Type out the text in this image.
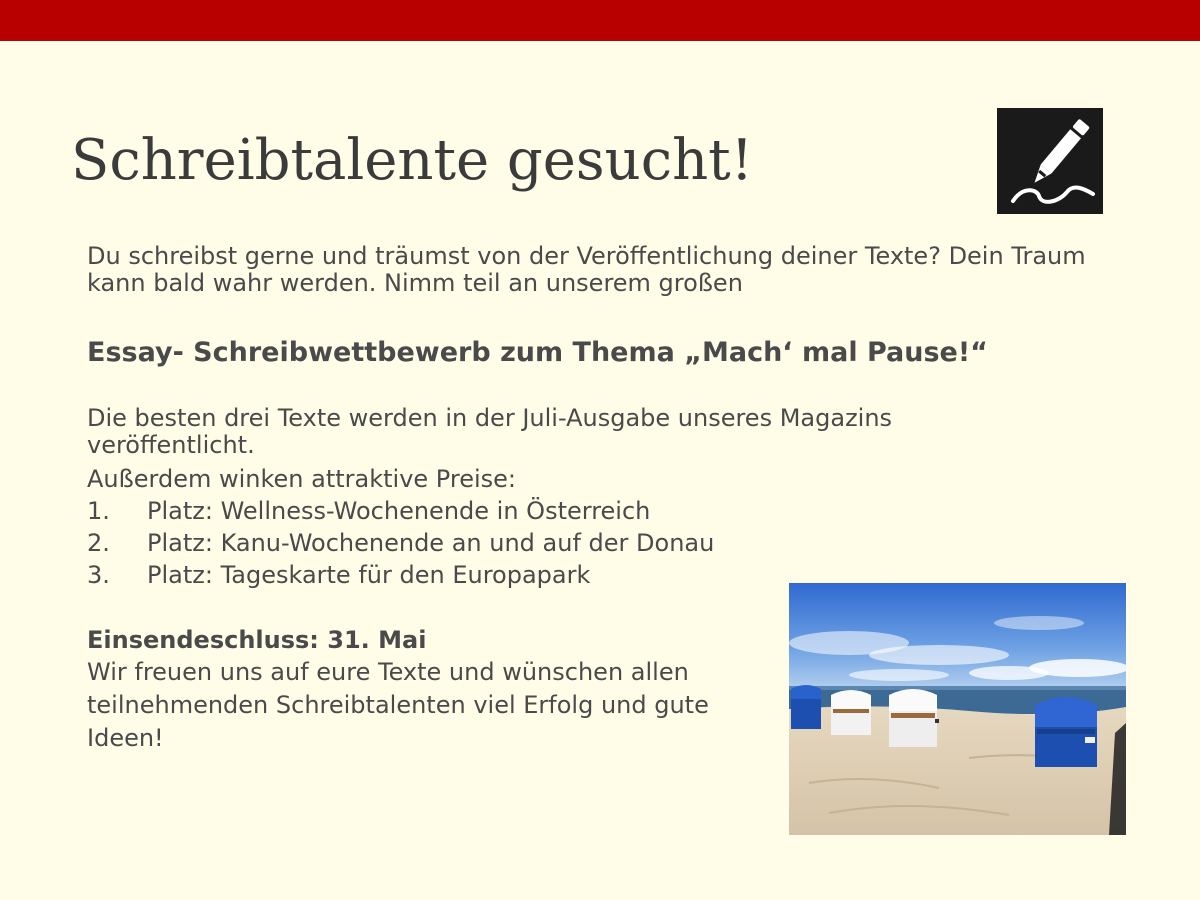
Schreibtalente gesucht!

Du schreibst gerne und träumst von der Veröffentlichung deiner Texte? Dein Traum kann bald wahr werden. Nimm teil an unserem großen

Essay- Schreibwettbewerb zum Thema „Mach‘ mal Pause!“

Die besten drei Texte werden in der Juli-Ausgabe unseres Magazins veröffentlicht.

Außerdem winken attraktive Preise:

1. Platz: Wellness-Wochenende in Österreich
2. Platz: Kanu-Wochenende an und auf der Donau
3. Platz: Tageskarte für den Europapark

Einsendeschluss: 31. Mai

Wir freuen uns auf eure Texte und wünschen allen teilnehmenden Schreibtalenten viel Erfolg und gute Ideen!
